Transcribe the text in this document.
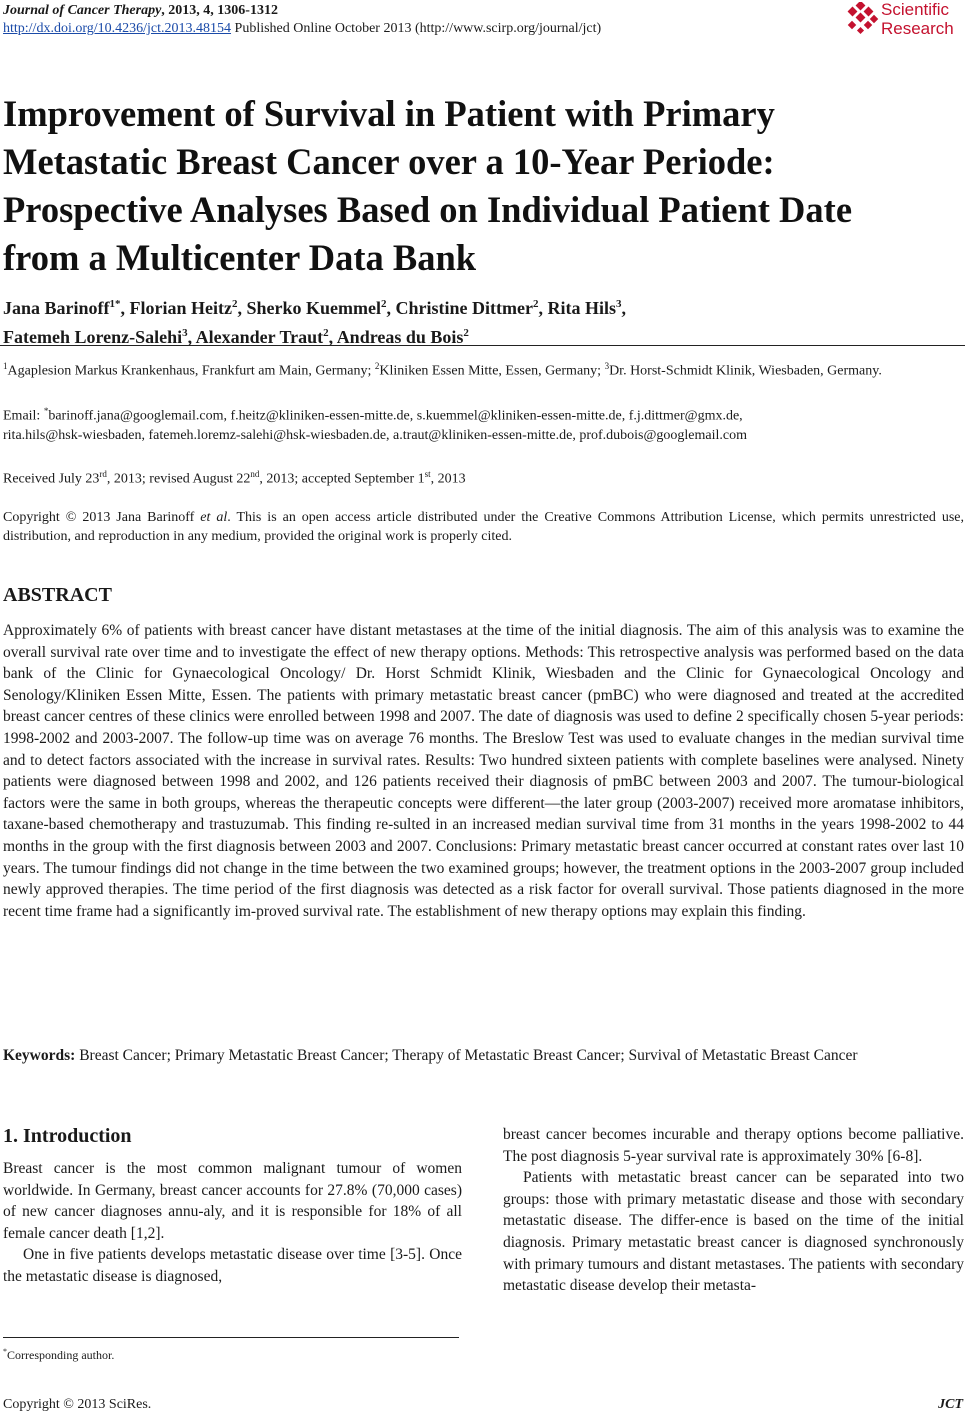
Journal of Cancer Therapy, 2013, 4, 1306-1312
http://dx.doi.org/10.4236/jct.2013.48154 Published Online October 2013 (http://www.scirp.org/journal/jct)
Scientific
Research
Improvement of Survival in Patient with Primary
Metastatic Breast Cancer over a 10-Year Periode:
Prospective Analyses Based on Individual Patient Date
from a Multicenter Data Bank
Jana Barinoff$^{1*}$, Florian Heitz$^2$, Sherko Kuemmel$^2$, Christine Dittmer$^2$, Rita Hils$^3$,
Fatemeh Lorenz-Salehi$^3$, Alexander Traut$^2$, Andreas du Bois$^2$
$^1$Agaplesion Markus Krankenhaus, Frankfurt am Main, Germany; $^2$Kliniken Essen Mitte, Essen, Germany; $^3$Dr. Horst-Schmidt Klinik, Wiesbaden, Germany.
Email: *barinoff.jana@googlemail.com, f.heitz@kliniken-essen-mitte.de, s.kuemmel@kliniken-essen-mitte.de, f.j.dittmer@gmx.de,
rita.hils@hsk-wiesbaden, fatemeh.loremz-salehi@hsk-wiesbaden.de, a.traut@kliniken-essen-mitte.de, prof.dubois@googlemail.com
Received July 23rd, 2013; revised August 22nd, 2013; accepted September 1st, 2013
Copyright © 2013 Jana Barinoff et al. This is an open access article distributed under the Creative Commons Attribution License, which permits unrestricted use, distribution, and reproduction in any medium, provided the original work is properly cited.
ABSTRACT

Approximately 6% of patients with breast cancer have distant metastases at the time of the initial diagnosis. The aim of this analysis was to examine the overall survival rate over time and to investigate the effect of new therapy options. Methods: This retrospective analysis was performed based on the data bank of the Clinic for Gynaecological Oncology/ Dr. Horst Schmidt Klinik, Wiesbaden and the Clinic for Gynaecological Oncology and Senology/Kliniken Essen Mitte, Essen. The patients with primary metastatic breast cancer (pmBC) who were diagnosed and treated at the accredited breast cancer centres of these clinics were enrolled between 1998 and 2007. The date of diagnosis was used to define 2 specifically chosen 5-year periods: 1998-2002 and 2003-2007. The follow-up time was on average 76 months. The Breslow Test was used to evaluate changes in the median survival time and to detect factors associated with the increase in survival rates. Results: Two hundred sixteen patients with complete baselines were analysed. Ninety patients were diagnosed between 1998 and 2002, and 126 patients received their diagnosis of pmBC between 2003 and 2007. The tumour-biological factors were the same in both groups, whereas the therapeutic concepts were different—the later group (2003-2007) received more aromatase inhibitors, taxane-based chemotherapy and trastuzumab. This finding re-sulted in an increased median survival time from 31 months in the years 1998-2002 to 44 months in the group with the first diagnosis between 2003 and 2007. Conclusions: Primary metastatic breast cancer occurred at constant rates over last 10 years. The tumour findings did not change in the time between the two examined groups; however, the treatment options in the 2003-2007 group included newly approved therapies. The time period of the first diagnosis was detected as a risk factor for overall survival. Those patients diagnosed in the more recent time frame had a significantly im-proved survival rate. The establishment of new therapy options may explain this finding.

Keywords: Breast Cancer; Primary Metastatic Breast Cancer; Therapy of Metastatic Breast Cancer; Survival of Metastatic Breast Cancer
1. Introduction

Breast cancer is the most common malignant tumour of women worldwide. In Germany, breast cancer accounts for 27.8% (70,000 cases) of new cancer diagnoses annu-aly, and it is responsible for 18% of all female cancer death [1,2].

One in five patients develops metastatic disease over time [3-5]. Once the metastatic disease is diagnosed,

breast cancer becomes incurable and therapy options become palliative. The post diagnosis 5-year survival rate is approximately 30% [6-8].

Patients with metastatic breast cancer can be separated into two groups: those with primary metastatic disease and those with secondary metastatic disease. The differ-ence is based on the time of the initial diagnosis. Primary metastatic breast cancer is diagnosed synchronously with primary tumours and distant metastases. The patients with secondary metastatic disease develop their metasta-

*Corresponding author.
Copyright © 2013 SciRes.	JCT
